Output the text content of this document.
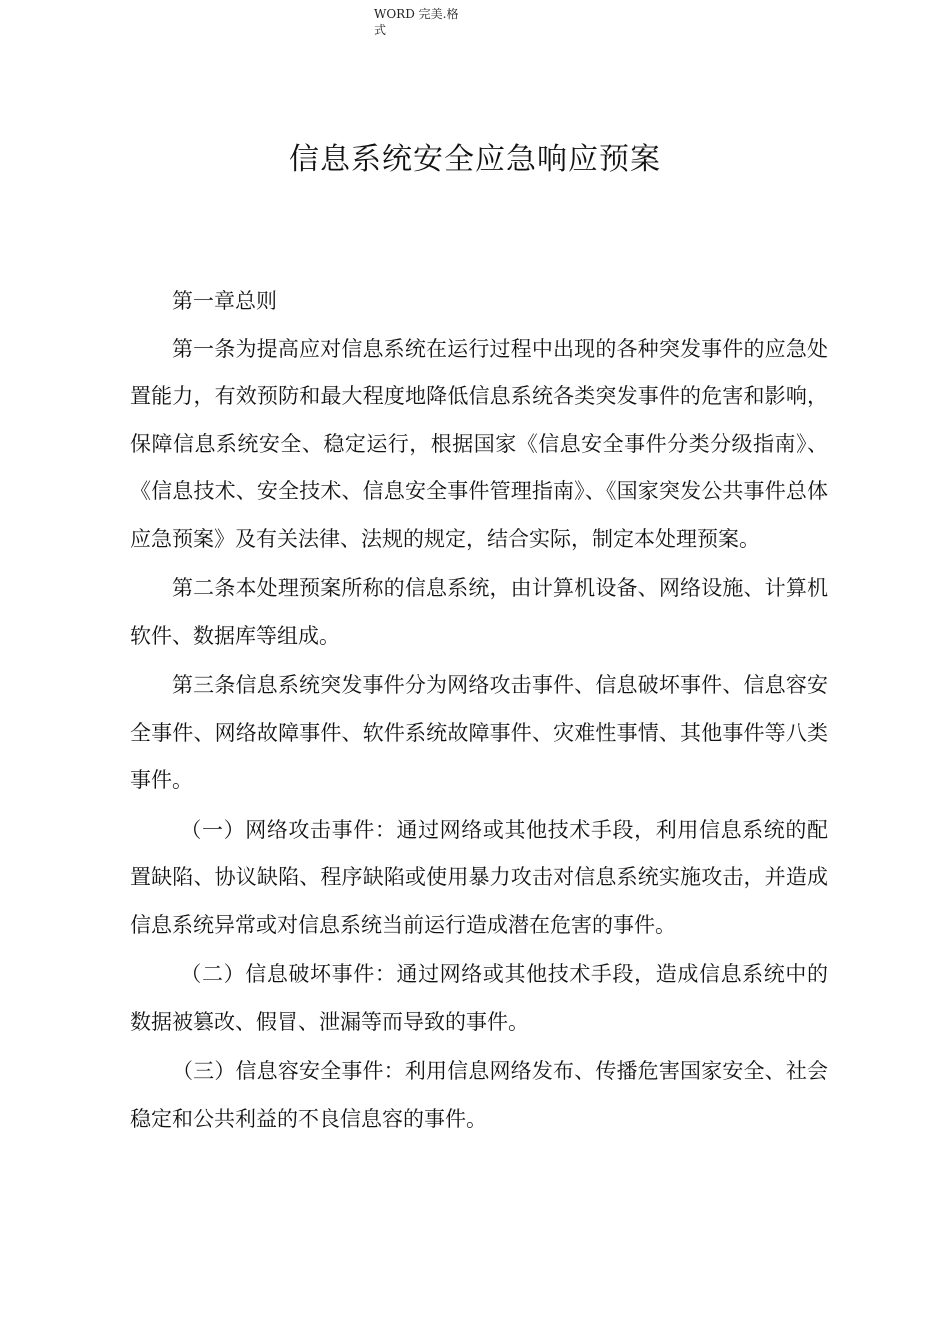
WORD 完美.格式
信息系统安全应急响应预案

第一章总则

第一条为提高应对信息系统在运行过程中出现的各种突发事件的应急处置能力，有效预防和最大程度地降低信息系统各类突发事件的危害和影响，保障信息系统安全、稳定运行，根据国家《信息安全事件分类分级指南》、《信息技术、安全技术、信息安全事件管理指南》、《国家突发公共事件总体应急预案》及有关法律、法规的规定，结合实际，制定本处理预案。

第二条本处理预案所称的信息系统，由计算机设备、网络设施、计算机软件、数据库等组成。

第三条信息系统突发事件分为网络攻击事件、信息破坏事件、信息容安全事件、网络故障事件、软件系统故障事件、灾难性事情、其他事件等八类事件。

（一）网络攻击事件：通过网络或其他技术手段，利用信息系统的配置缺陷、协议缺陷、程序缺陷或使用暴力攻击对信息系统实施攻击，并造成信息系统异常或对信息系统当前运行造成潜在危害的事件。

（二）信息破坏事件：通过网络或其他技术手段，造成信息系统中的数据被篡改、假冒、泄漏等而导致的事件。

（三）信息容安全事件：利用信息网络发布、传播危害国家安全、社会稳定和公共利益的不良信息容的事件。
